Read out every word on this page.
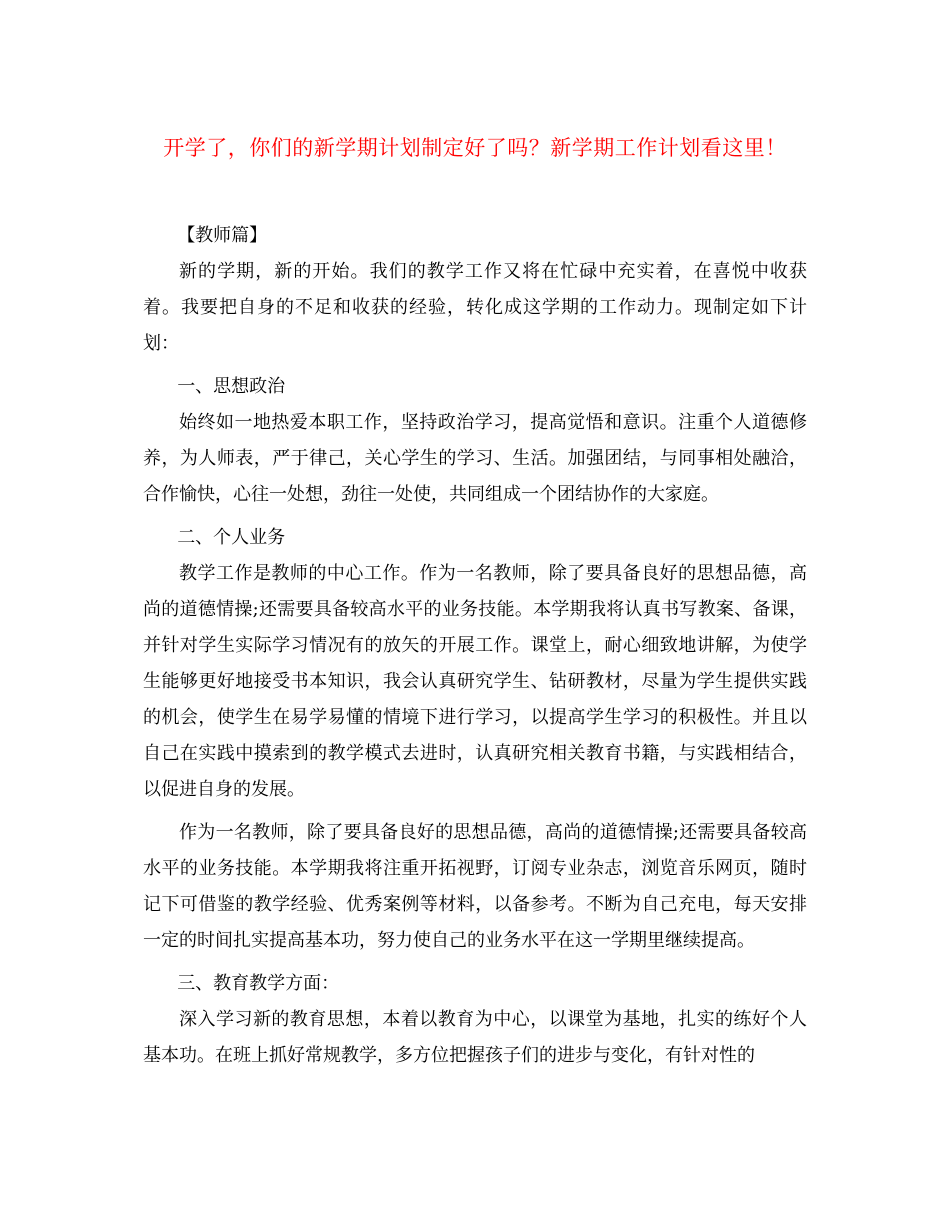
开学了，你们的新学期计划制定好了吗？新学期工作计划看这里！

【教师篇】

新的学期，新的开始。我们的教学工作又将在忙碌中充实着，在喜悦中收获着。我要把自身的不足和收获的经验，转化成这学期的工作动力。现制定如下计划：

一、思想政治

始终如一地热爱本职工作，坚持政治学习，提高觉悟和意识。注重个人道德修养，为人师表，严于律己，关心学生的学习、生活。加强团结，与同事相处融洽，合作愉快，心往一处想，劲往一处使，共同组成一个团结协作的大家庭。

二、个人业务

教学工作是教师的中心工作。作为一名教师，除了要具备良好的思想品德，高尚的道德情操;还需要具备较高水平的业务技能。本学期我将认真书写教案、备课，并针对学生实际学习情况有的放矢的开展工作。课堂上，耐心细致地讲解，为使学生能够更好地接受书本知识，我会认真研究学生、钻研教材，尽量为学生提供实践的机会，使学生在易学易懂的情境下进行学习，以提高学生学习的积极性。并且以自己在实践中摸索到的教学模式去进时，认真研究相关教育书籍，与实践相结合，以促进自身的发展。

作为一名教师，除了要具备良好的思想品德，高尚的道德情操;还需要具备较高水平的业务技能。本学期我将注重开拓视野，订阅专业杂志，浏览音乐网页，随时记下可借鉴的教学经验、优秀案例等材料，以备参考。不断为自己充电，每天安排一定的时间扎实提高基本功，努力使自己的业务水平在这一学期里继续提高。

三、教育教学方面：

深入学习新的教育思想，本着以教育为中心，以课堂为基地，扎实的练好个人基本功。在班上抓好常规教学，多方位把握孩子们的进步与变化，有针对性的
